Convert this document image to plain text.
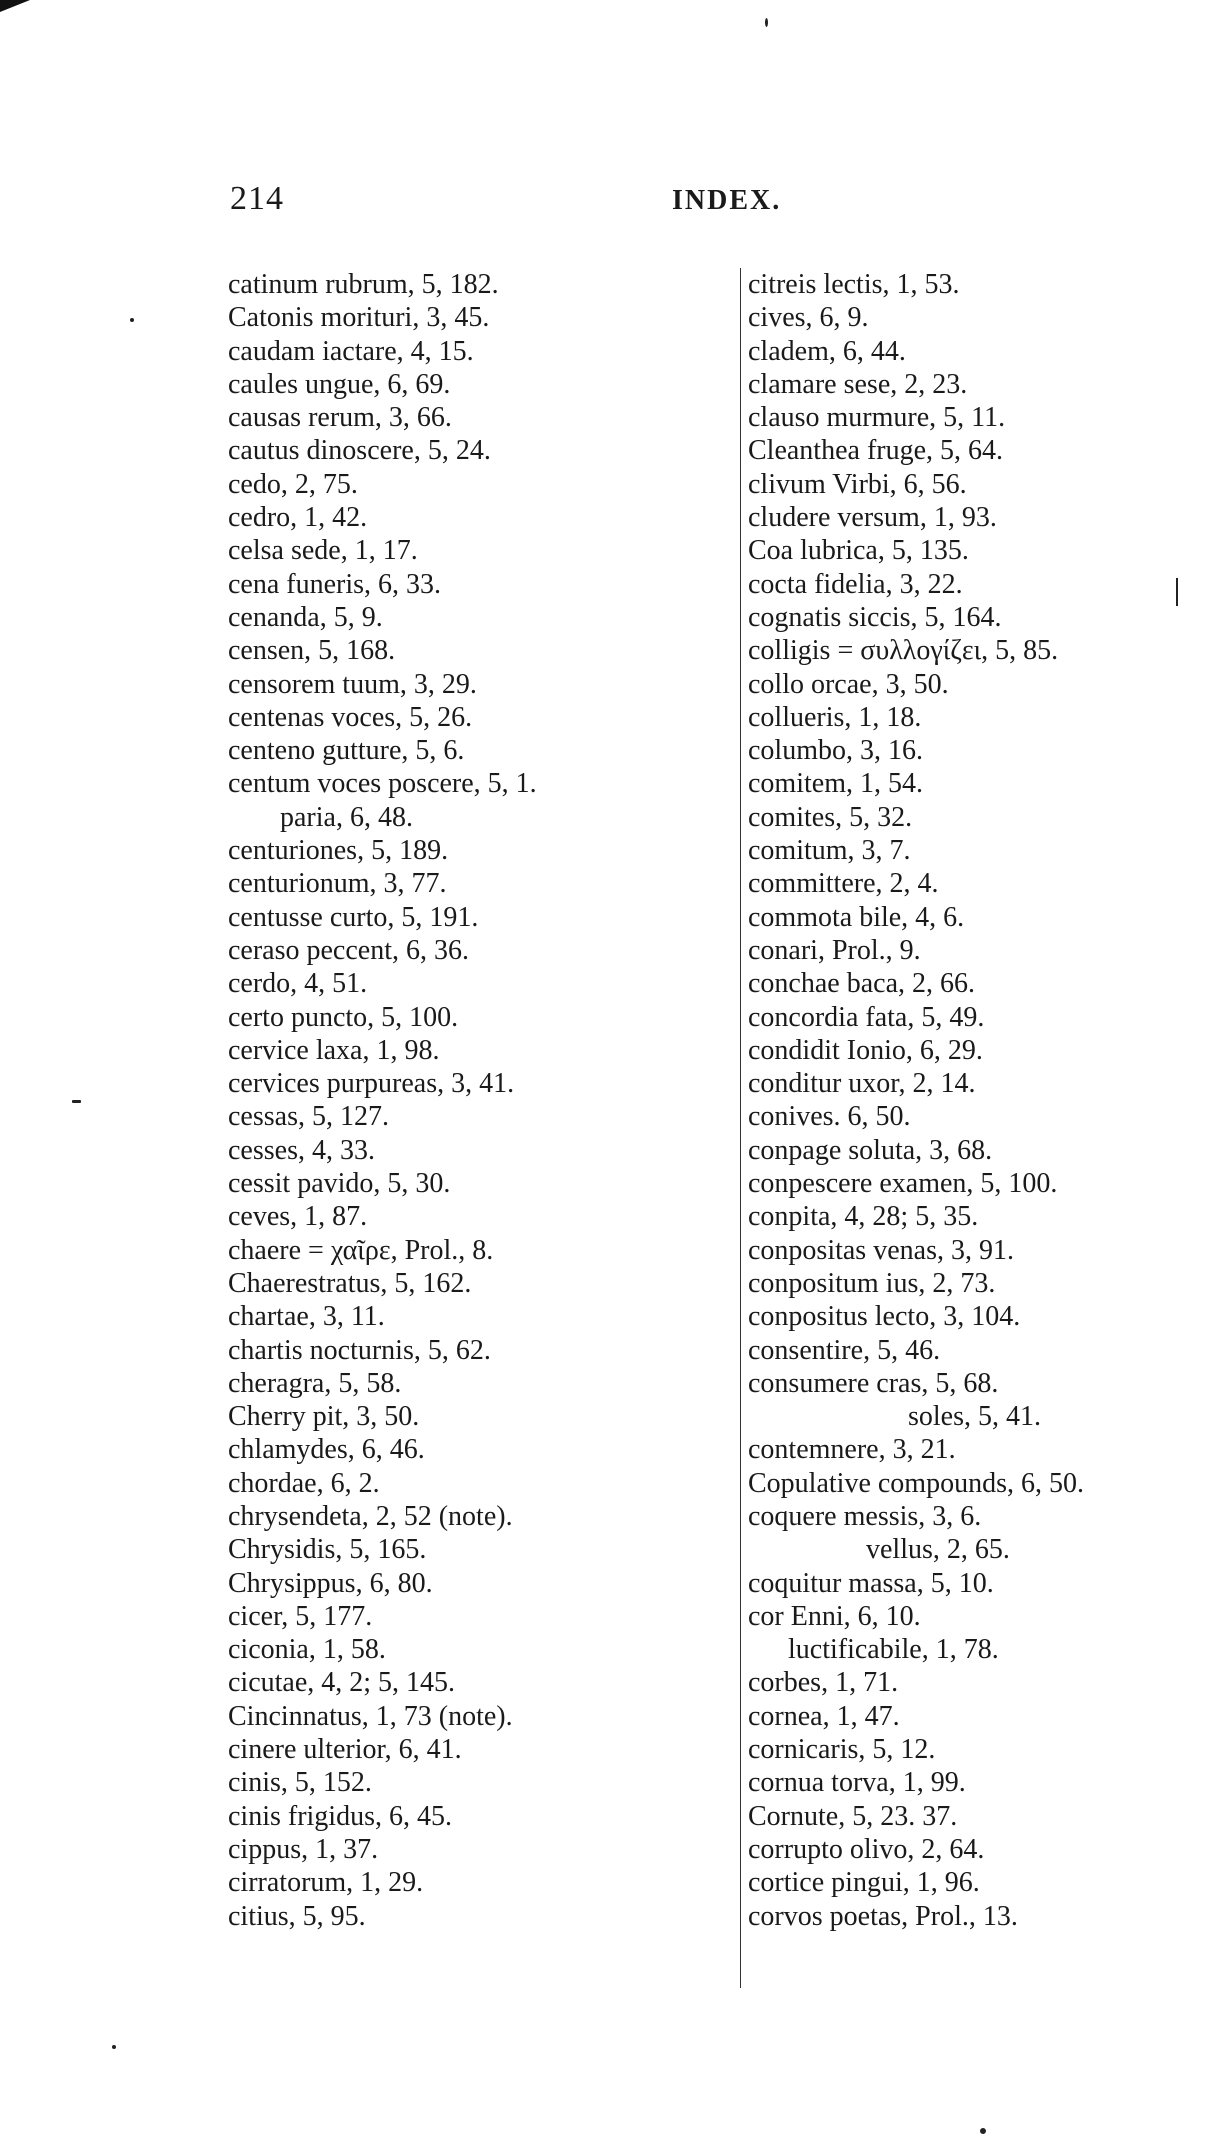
214	INDEX.
catinum rubrum, 5, 182.
Catonis morituri, 3, 45.
caudam iactare, 4, 15.
caules ungue, 6, 69.
causas rerum, 3, 66.
cautus dinoscere, 5, 24.
cedo, 2, 75.
cedro, 1, 42.
celsa sede, 1, 17.
cena funeris, 6, 33.
cenanda, 5, 9.
censen, 5, 168.
censorem tuum, 3, 29.
centenas voces, 5, 26.
centeno gutture, 5, 6.
centum voces poscere, 5, 1.
paria, 6, 48.
centuriones, 5, 189.
centurionum, 3, 77.
centusse curto, 5, 191.
ceraso peccent, 6, 36.
cerdo, 4, 51.
certo puncto, 5, 100.
cervice laxa, 1, 98.
cervices purpureas, 3, 41.
cessas, 5, 127.
cesses, 4, 33.
cessit pavido, 5, 30.
ceves, 1, 87.
chaere = χαῖρε, Prol., 8.
Chaerestratus, 5, 162.
chartae, 3, 11.
chartis nocturnis, 5, 62.
cheragra, 5, 58.
Cherry pit, 3, 50.
chlamydes, 6, 46.
chordae, 6, 2.
chrysendeta, 2, 52 (note).
Chrysidis, 5, 165.
Chrysippus, 6, 80.
cicer, 5, 177.
ciconia, 1, 58.
cicutae, 4, 2; 5, 145.
Cincinnatus, 1, 73 (note).
cinere ulterior, 6, 41.
cinis, 5, 152.
cinis frigidus, 6, 45.
cippus, 1, 37.
cirratorum, 1, 29.
citius, 5, 95.
citreis lectis, 1, 53.
cives, 6, 9.
cladem, 6, 44.
clamare sese, 2, 23.
clauso murmure, 5, 11.
Cleanthea fruge, 5, 64.
clivum Virbi, 6, 56.
cludere versum, 1, 93.
Coa lubrica, 5, 135.
cocta fidelia, 3, 22.
cognatis siccis, 5, 164.
colligis = συλλογίζει, 5, 85.
collo orcae, 3, 50.
collueris, 1, 18.
columbo, 3, 16.
comitem, 1, 54.
comites, 5, 32.
comitum, 3, 7.
committere, 2, 4.
commota bile, 4, 6.
conari, Prol., 9.
conchae baca, 2, 66.
concordia fata, 5, 49.
condidit Ionio, 6, 29.
conditur uxor, 2, 14.
conives. 6, 50.
conpage soluta, 3, 68.
conpescere examen, 5, 100.
conpita, 4, 28; 5, 35.
conpositas venas, 3, 91.
conpositum ius, 2, 73.
conpositus lecto, 3, 104.
consentire, 5, 46.
consumere cras, 5, 68.
soles, 5, 41.
contemnere, 3, 21.
Copulative compounds, 6, 50.
coquere messis, 3, 6.
vellus, 2, 65.
coquitur massa, 5, 10.
cor Enni, 6, 10.
luctificabile, 1, 78.
corbes, 1, 71.
cornea, 1, 47.
cornicaris, 5, 12.
cornua torva, 1, 99.
Cornute, 5, 23. 37.
corrupto olivo, 2, 64.
cortice pingui, 1, 96.
corvos poetas, Prol., 13.
